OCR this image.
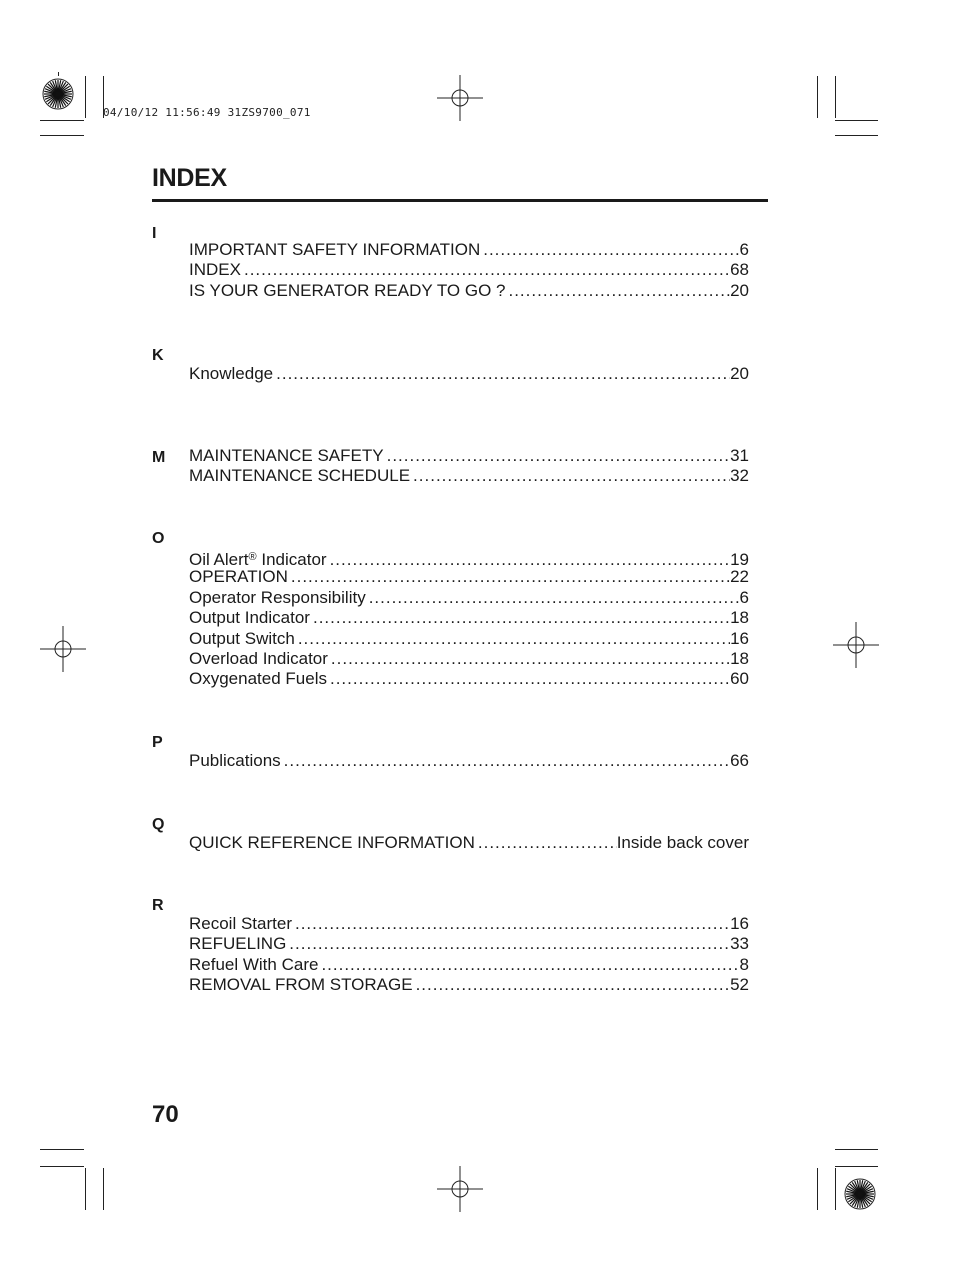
04/10/12 11:56:49 31ZS9700_071
INDEX
I
IMPORTANT SAFETY INFORMATION .....	6
INDEX .....	68
IS YOUR GENERATOR READY TO GO ? .....	20
K
Knowledge .....	20
M MAINTENANCE SAFETY .....	31
MAINTENANCE SCHEDULE .....	32
O
Oil Alert® Indicator .....	19
OPERATION .....	22
Operator Responsibility .....	6
Output Indicator .....	18
Output Switch .....	16
Overload Indicator .....	18
Oxygenated Fuels .....	60
P
Publications .....	66
Q
QUICK REFERENCE INFORMATION .....	Inside back cover
R
Recoil Starter .....	16
REFUELING .....	33
Refuel With Care .....	8
REMOVAL FROM STORAGE .....	52
70
